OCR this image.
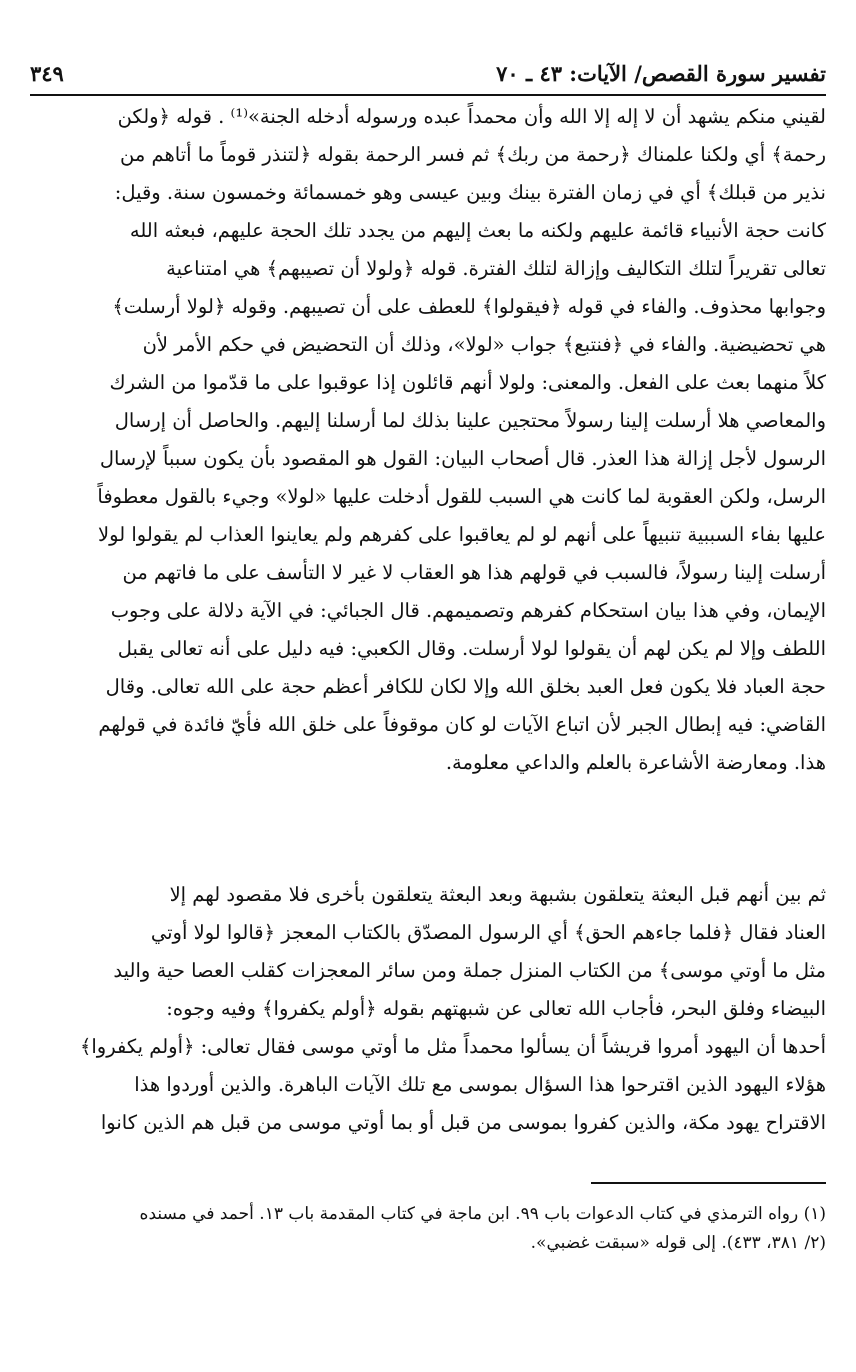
تفسير سورة القصص/ الآيات: ٤٣ ـ ٧٠
٣٤٩
لقيني منكم يشهد أن لا إله إلا الله وأن محمداً عبده ورسوله أدخله الجنة»⁽¹⁾ . قوله ﴿ولكن
رحمة﴾ أي ولكنا علمناك ﴿رحمة من ربك﴾ ثم فسر الرحمة بقوله ﴿لتنذر قوماً ما أتاهم من
نذير من قبلك﴾ أي في زمان الفترة بينك وبين عيسى وهو خمسمائة وخمسون سنة. وقيل:
كانت حجة الأنبياء قائمة عليهم ولكنه ما بعث إليهم من يجدد تلك الحجة عليهم، فبعثه الله
تعالى تقريراً لتلك التكاليف وإزالة لتلك الفترة. قوله ﴿ولولا أن تصيبهم﴾ هي امتناعية
وجوابها محذوف. والفاء في قوله ﴿فيقولوا﴾ للعطف على أن تصيبهم. وقوله ﴿لولا أرسلت﴾
هي تحضيضية. والفاء في ﴿فنتبع﴾ جواب «لولا»، وذلك أن التحضيض في حكم الأمر لأن
كلاً منهما بعث على الفعل. والمعنى: ولولا أنهم قائلون إذا عوقبوا على ما قدّموا من الشرك
والمعاصي هلا أرسلت إلينا رسولاً محتجين علينا بذلك لما أرسلنا إليهم. والحاصل أن إرسال
الرسول لأجل إزالة هذا العذر. قال أصحاب البيان: القول هو المقصود بأن يكون سبباً لإرسال
الرسل، ولكن العقوبة لما كانت هي السبب للقول أدخلت عليها «لولا» وجيء بالقول معطوفاً
عليها بفاء السببية تنبيهاً على أنهم لو لم يعاقبوا على كفرهم ولم يعاينوا العذاب لم يقولوا لولا
أرسلت إلينا رسولاً، فالسبب في قولهم هذا هو العقاب لا غير لا التأسف على ما فاتهم من
الإيمان، وفي هذا بيان استحكام كفرهم وتصميمهم. قال الجبائي: في الآية دلالة على وجوب
اللطف وإلا لم يكن لهم أن يقولوا لولا أرسلت. وقال الكعبي: فيه دليل على أنه تعالى يقبل
حجة العباد فلا يكون فعل العبد بخلق الله وإلا لكان للكافر أعظم حجة على الله تعالى. وقال
القاضي: فيه إبطال الجبر لأن اتباع الآيات لو كان موقوفاً على خلق الله فأيّ فائدة في قولهم
هذا. ومعارضة الأشاعرة بالعلم والداعي معلومة.
ثم بين أنهم قبل البعثة يتعلقون بشبهة وبعد البعثة يتعلقون بأخرى فلا مقصود لهم إلا
العناد فقال ﴿فلما جاءهم الحق﴾ أي الرسول المصدّق بالكتاب المعجز ﴿قالوا لولا أوتي
مثل ما أوتي موسى﴾ من الكتاب المنزل جملة ومن سائر المعجزات كقلب العصا حية واليد
البيضاء وفلق البحر، فأجاب الله تعالى عن شبهتهم بقوله ﴿أولم يكفروا﴾ وفيه وجوه:
أحدها أن اليهود أمروا قريشاً أن يسألوا محمداً مثل ما أوتي موسى فقال تعالى: ﴿أولم يكفروا﴾
هؤلاء اليهود الذين اقترحوا هذا السؤال بموسى مع تلك الآيات الباهرة. والذين أوردوا هذا
الاقتراح يهود مكة، والذين كفروا بموسى من قبل أو بما أوتي موسى من قبل هم الذين كانوا
(١) رواه الترمذي في كتاب الدعوات باب ٩٩. ابن ماجة في كتاب المقدمة باب ١٣. أحمد في مسنده
(٢/ ٣٨١، ٤٣٣). إلى قوله «سبقت غضبي».
